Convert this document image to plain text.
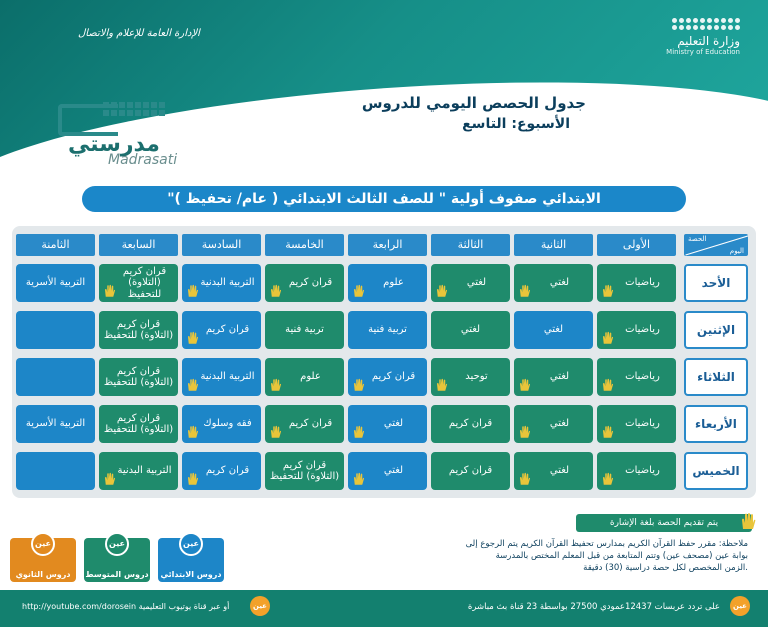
وزارة التعليم
Ministry of Education
الإدارة العامة للإعلام والاتصال
جدول الحصص اليومي للدروس
الأسبوع: التاسع
مدرستي
Madrasati
"الابتدائي صفوف أولية " للصف الثالث الابتدائي ( عام/ تحفيظ )
الحصة
اليوم
الأولى
الثانية
الثالثة
الرابعة
الخامسة
السادسة
السابعة
الثامنة
الأحد
رياضيات
لغتي
لغتي
علوم
قران كريم
التربية البدنية
قران كريم (التلاوة) للتحفيظ
التربية الأسرية
الإثنين
رياضيات
لغتي
لغتي
تربية فنية
تربية فنية
قران كريم
قران كريم (التلاوة) للتحفيظ
الثلاثاء
رياضيات
لغتي
توحيد
قران كريم
علوم
التربية البدنية
قران كريم (التلاوة) للتحفيظ
الأربعاء
رياضيات
لغتي
قران كريم
لغتي
قران كريم
فقه وسلوك
قران كريم (التلاوة) للتحفيظ
التربية الأسرية
الخميس
رياضيات
لغتي
قران كريم
لغتي
قران كريم (التلاوة) للتحفيظ
قران كريم
التربية البدنية
يتم تقديم الحصة بلغة الإشارة
ملاحظة: مقرر حفظ القرآن الكريم بمدارس تحفيظ القرآن الكريم يتم الرجوع إلى
بوابة عين (مصحف عين) وتتم المتابعة من قبل المعلم المختص بالمدرسة
الزمن المخصص لكل حصة دراسية (30) دقيقة.
عين
دروس الابتدائي
عين
دروس المتوسط
عين
دروس الثانوي
عين
على تردد عربسات 12437عمودي 27500 بواسطة 23 قناة بث مباشرة
عين
http://youtube.com/dorosein أو عبر قناة يوتيوب التعليمية
